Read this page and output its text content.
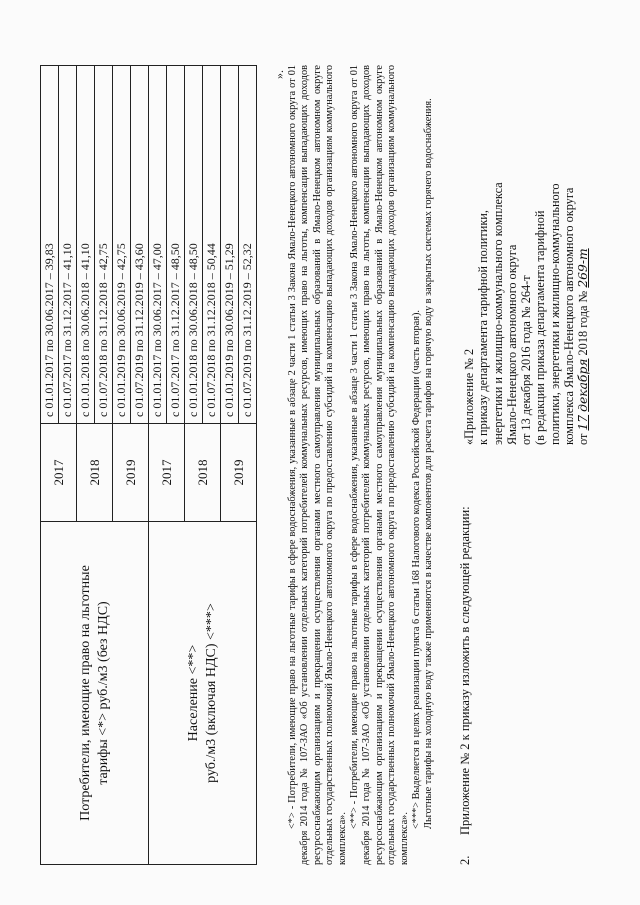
Потребители, имеющие право на льготные тарифы <*> руб./м3 (без НДС)	2017	с 01.01.2017 по 30.06.2017 – 39,83
		с 01.07.2017 по 31.12.2017 – 41,10
	2018	с 01.01.2018 по 30.06.2018 – 41,10
		с 01.07.2018 по 31.12.2018 – 42,75
	2019	с 01.01.2019 по 30.06.2019 – 42,75
		с 01.07.2019 по 31.12.2019 – 43,60
Население <**> руб./м3 (включая НДС) <***>	2017	с 01.01.2017 по 30.06.2017 – 47,00
		с 01.07.2017 по 31.12.2017 – 48,50
	2018	с 01.01.2018 по 30.06.2018 – 48,50
		с 01.07.2018 по 31.12.2018 – 50,44
	2019	с 01.01.2019 по 30.06.2019 – 51,29
		с 01.07.2019 по 31.12.2019 – 52,32
». <*> - Потребители, имеющие право на льготные тарифы в сфере водоснабжения, указанные в абзаце 2 части 1 статьи 3 Закона Ямало-Ненецкого автономного округа от 01 декабря 2014 года № 107-ЗАО «Об установлении отдельных категорий потребителей коммунальных ресурсов, имеющих право на льготы, компенсации выпадающих доходов ресурсоснабжающим организациям и прекращении осуществления органами местного самоуправления муниципальных образований в Ямало-Ненецком автономном округе отдельных государственных полномочий Ямало-Ненецкого автономного округа по предоставлению субсидий на компенсацию выпадающих доходов организациям коммунального комплекса».

<**> - Потребители, имеющие право на льготные тарифы в сфере водоснабжения, указанные в абзаце 3 части 1 статьи 3 Закона Ямало-Ненецкого автономного округа от 01 декабря 2014 года № 107-ЗАО «Об установлении отдельных категорий потребителей коммунальных ресурсов, имеющих право на льготы, компенсации выпадающих доходов ресурсоснабжающим организациям и прекращении осуществления органами местного самоуправления муниципальных образований в Ямало-Ненецком автономном округе отдельных государственных полномочий Ямало-Ненецкого автономного округа по предоставлению субсидий на компенсацию выпадающих доходов организациям коммунального комплекса».

<***> Выделяется в целях реализации пункта 6 статьи 168 Налогового кодекса Российской Федерации (часть вторая). Льготные тарифы на холодную воду также применяются в качестве компонентов для расчета тарифов на горячую воду в закрытых системах горячего водоснабжения.

2.Приложение № 2 к приказу изложить в следующей редакции:
«Приложение № 2 к приказу департамента тарифной политики, энергетики и жилищно-коммунального комплекса Ямало-Ненецкого автономного округа от 13 декабря 2016 года № 264-т (в редакции приказа департамента тарифной политики, энергетики и жилищно-коммунального комплекса Ямало-Ненецкого автономного округа от 17 декабря 2018 года № 269-т
